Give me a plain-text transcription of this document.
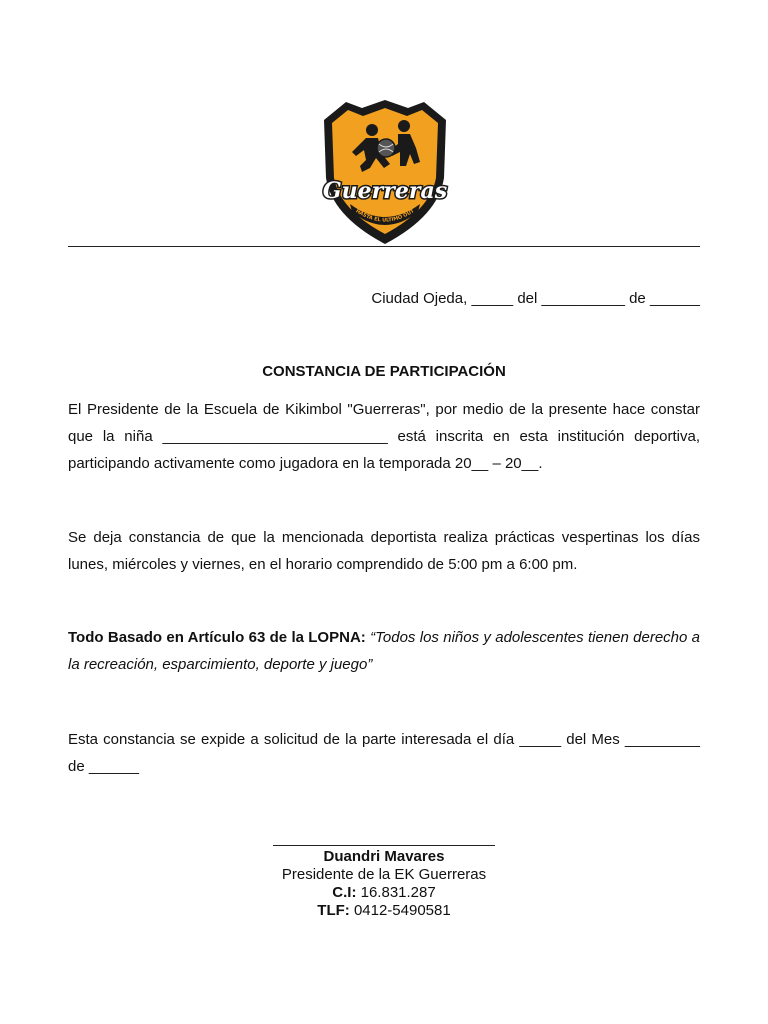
Guerreras
HASTA EL ULTIMO OUT
Ciudad Ojeda, _____ del __________ de ______
CONSTANCIA DE PARTICIPACIÓN
El Presidente de la Escuela de Kikimbol "Guerreras", por medio de la presente hace constar que la niña ___________________________ está inscrita en esta institución deportiva, participando activamente como jugadora en la temporada 20__ – 20__.
Se deja constancia de que la mencionada deportista realiza prácticas vespertinas los días lunes, miércoles y viernes, en el horario comprendido de 5:00 pm a 6:00 pm.
Todo Basado en Artículo 63 de la LOPNA: “Todos los niños y adolescentes tienen derecho a la recreación, esparcimiento, deporte y juego”
Esta constancia se expide a solicitud de la parte interesada el día _____ del Mes _________ de ______
Duandri Mavares
Presidente de la EK Guerreras
C.I: 16.831.287
TLF: 0412-5490581
